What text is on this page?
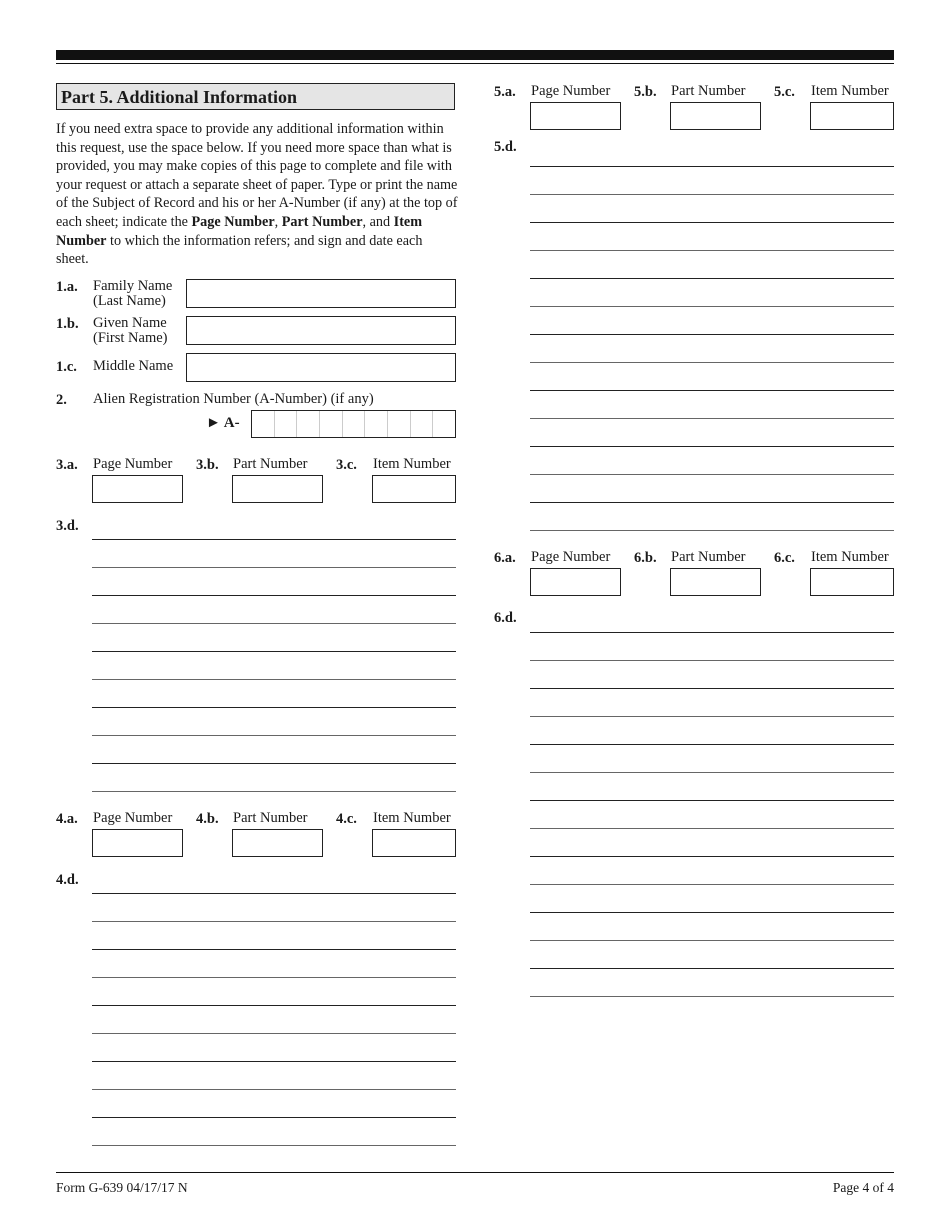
Part 5. Additional Information
If you need extra space to provide any additional information within this request, use the space below. If you need more space than what is provided, you may make copies of this page to complete and file with your request or attach a separate sheet of paper. Type or print the name of the Subject of Record and his or her A-Number (if any) at the top of each sheet; indicate the Page Number, Part Number, and Item Number to which the information refers; and sign and date each sheet.
1.a. Family Name
(Last Name)
1.b. Given Name
(First Name)
1.c. Middle Name
2. Alien Registration Number (A-Number) (if any)
► A-
3.a. Page Number 3.b. Part Number 3.c. Item Number
3.d.
4.a. Page Number 4.b. Part Number 4.c. Item Number
4.d.
5.a. Page Number 5.b. Part Number 5.c. Item Number
5.d.
6.a. Page Number 6.b. Part Number 6.c. Item Number
6.d.
Form G-639 04/17/17 N	Page 4 of 4
